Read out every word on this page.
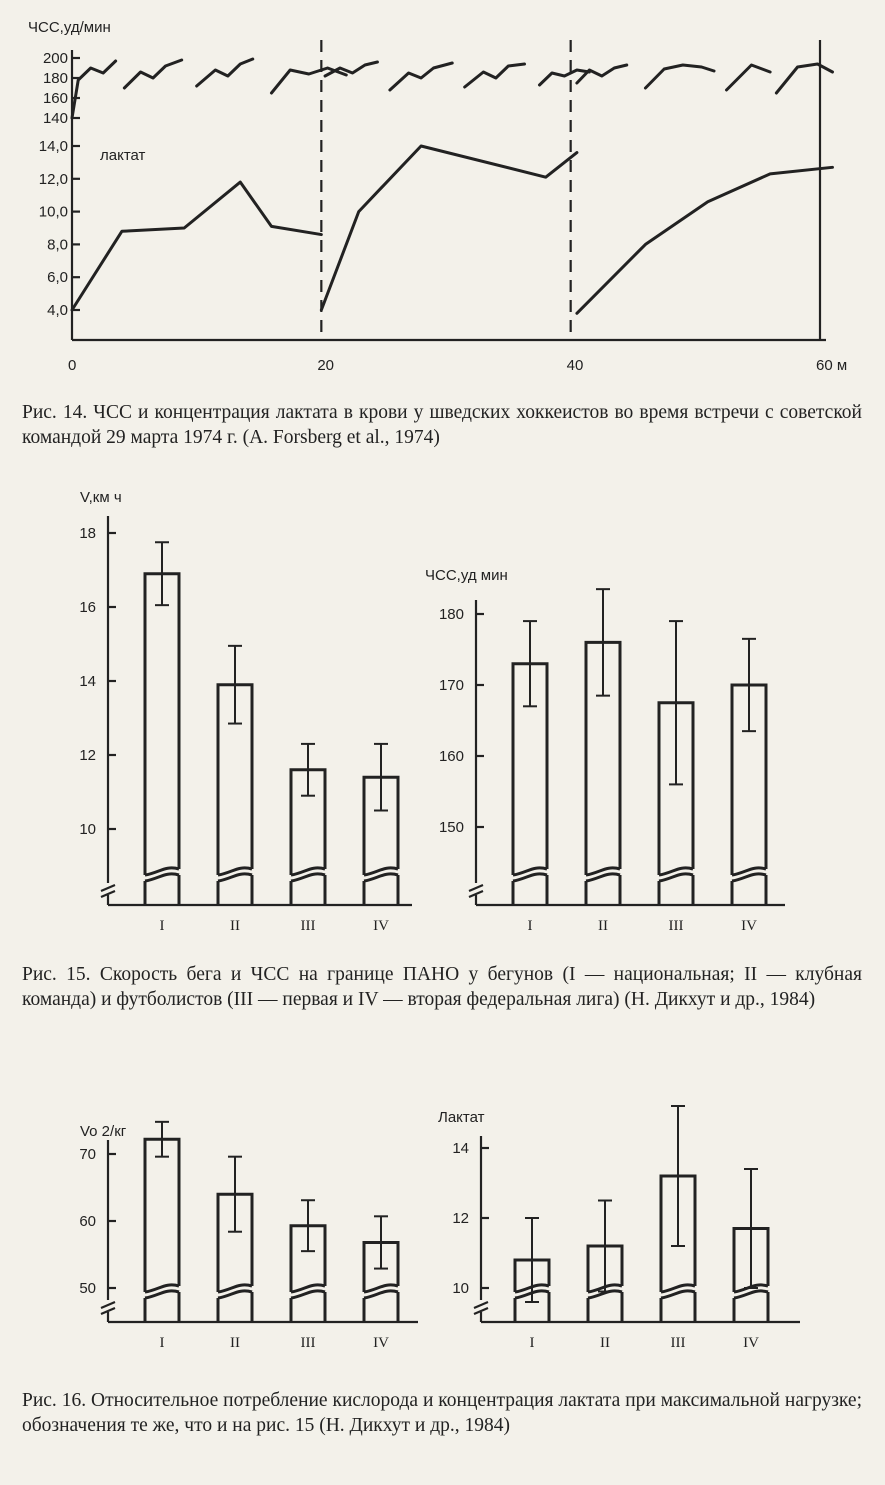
ЧСС,уд/мин
лактат
200
180
160
140
14,0
12,0
10,0
8,0
6,0
4,0
0	20	40	60 м
Рис. 14. ЧСС и концентрация лактата в крови у шведских хоккеистов во время встречи с советской командой 29 марта 1974 г. (A. Forsberg et al., 1974)
V,км ч
ЧСС,уд мин
18
16
14
12
10
I	II	III	IV
180
170
160
150
I	II	III	IV
Рис. 15. Скорость бега и ЧСС на границе ПАНО у бегунов (I — национальная; II — клубная команда) и футболистов (III — первая и IV — вторая федеральная лига) (Н. Дикхут и др., 1984)
Vo 2/кг
Лактат
70
60
50
I	II	III	IV
14
12
10
I	II	III	IV
Рис. 16. Относительное потребление кислорода и концентрация лактата при максимальной нагрузке; обозначения те же, что и на рис. 15 (Н. Дикхут и др., 1984)
